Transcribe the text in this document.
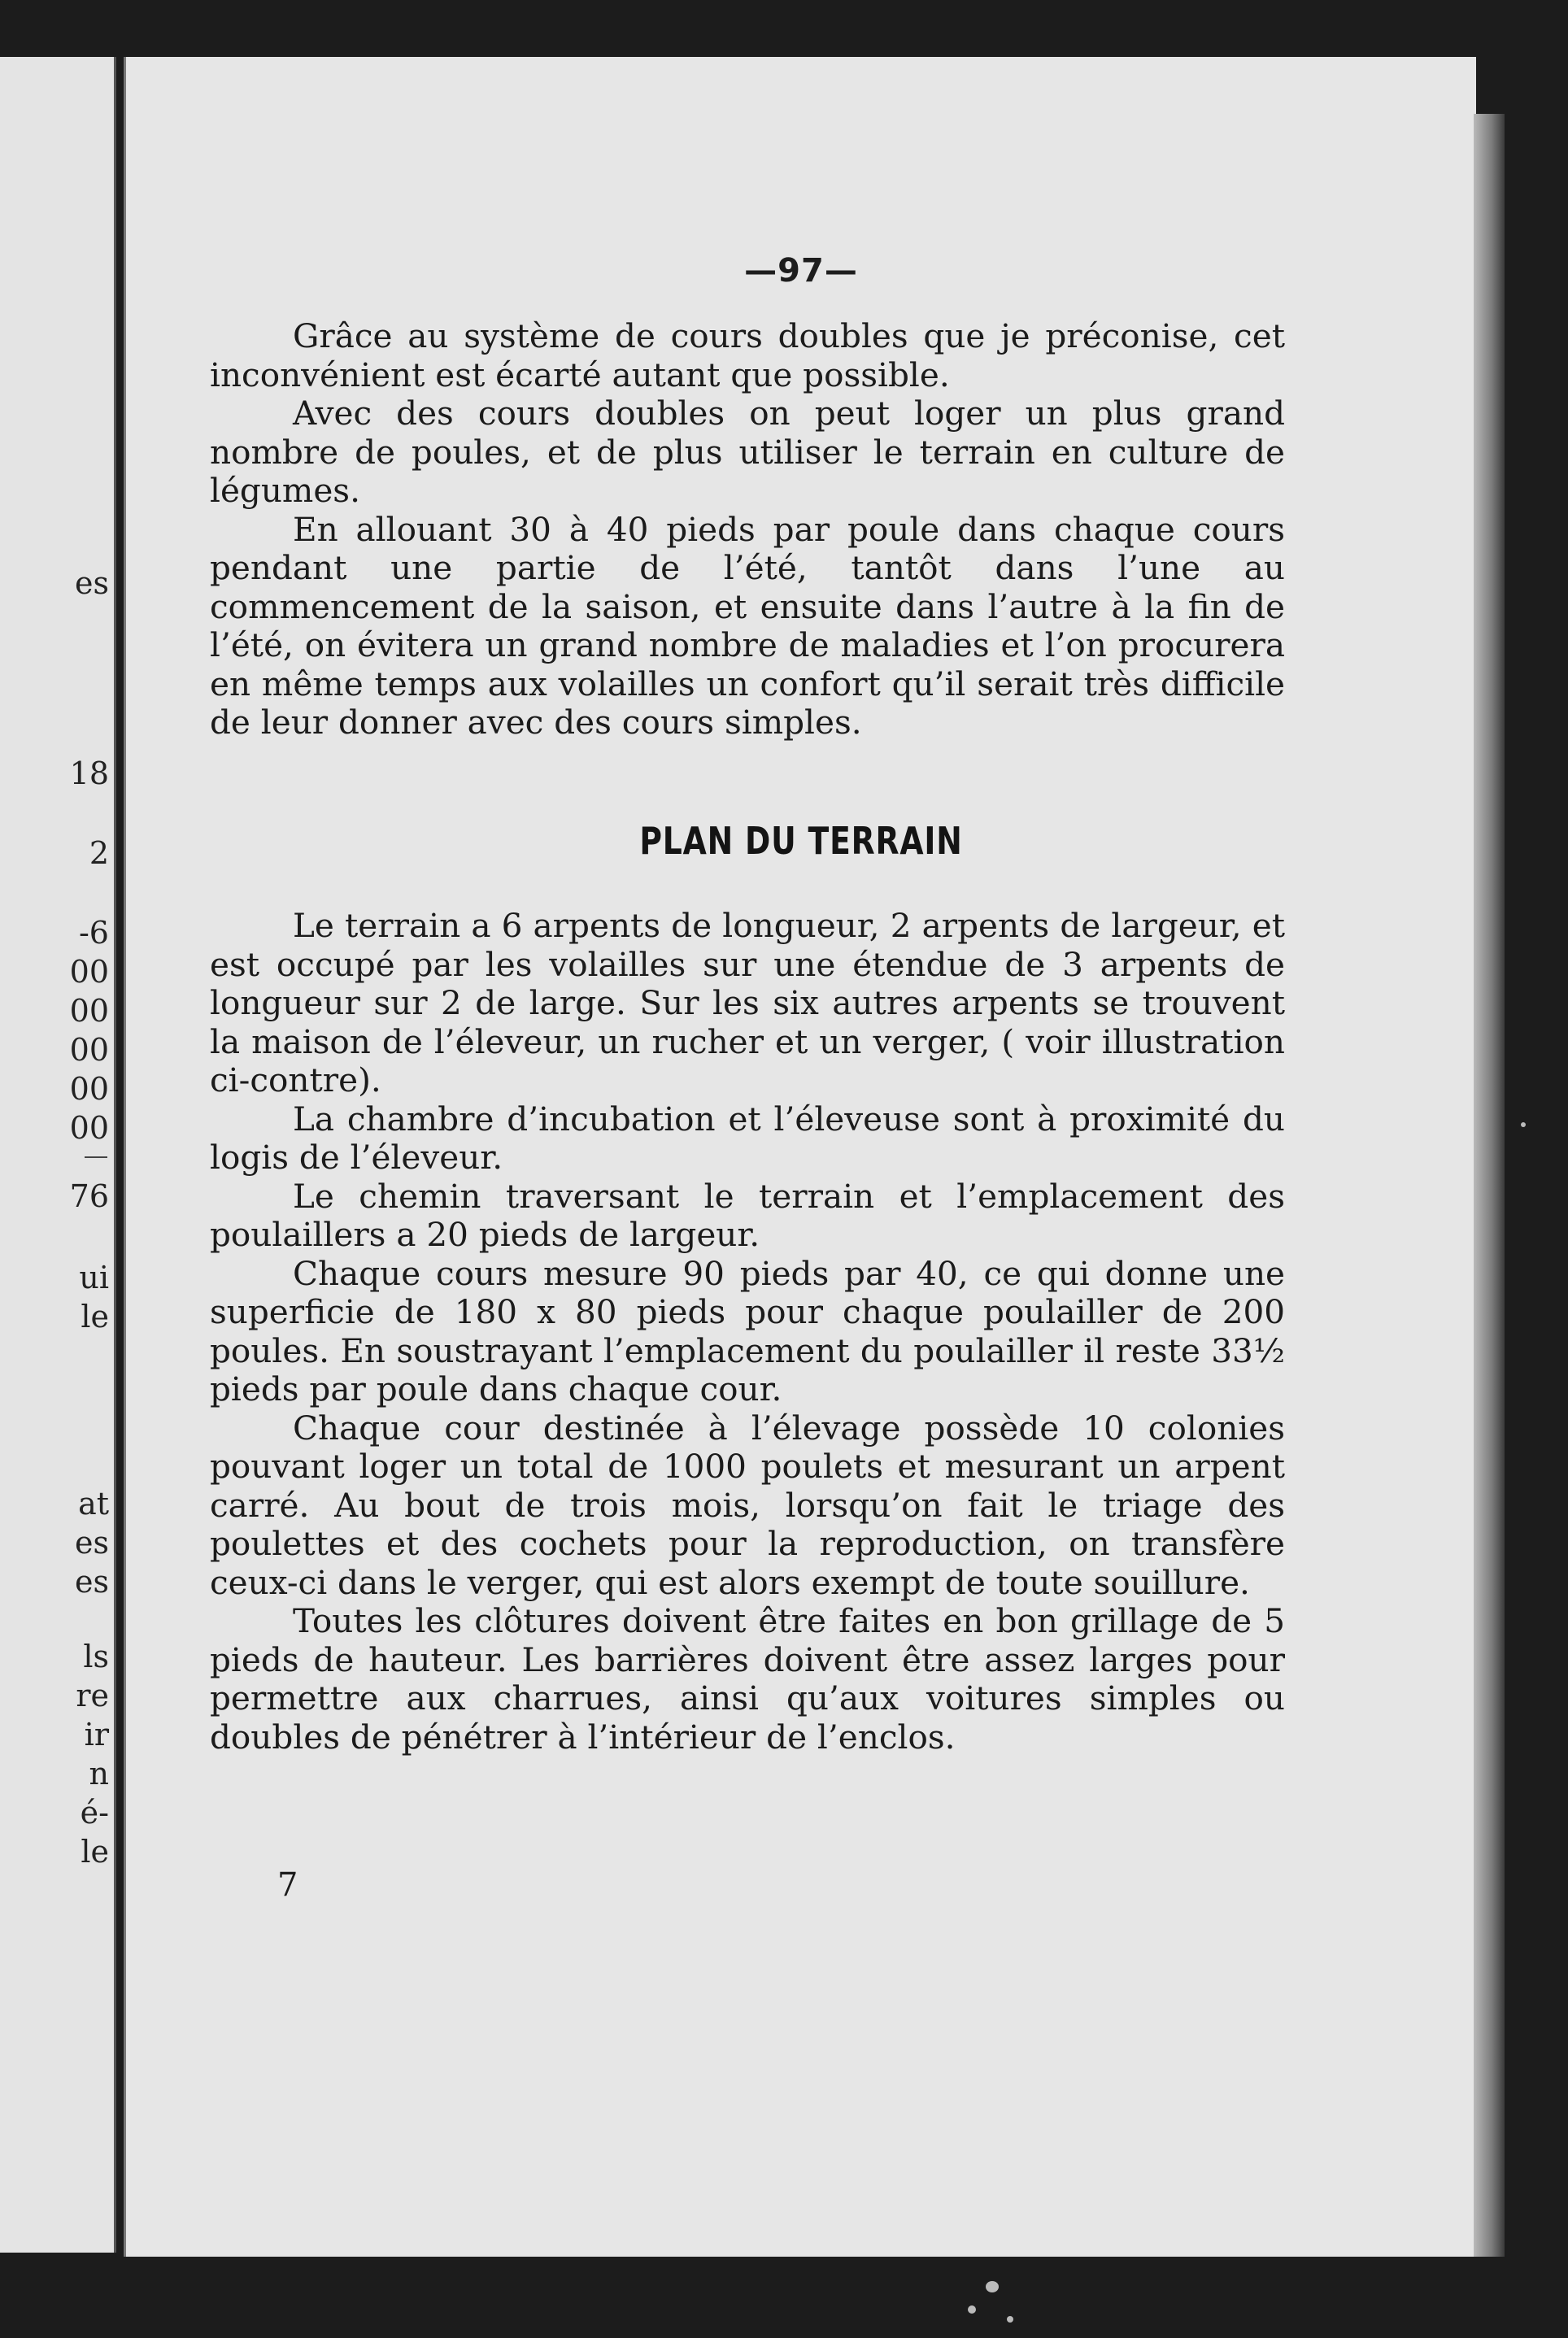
es
18
2
-6
00
00
00
00
00
76
ui
le
at
es
es
ls
re
ir
n
é-
le
—97—

Grâce au système de cours doubles que je préconise, cet inconvénient est écarté autant que possible.

Avec des cours doubles on peut loger un plus grand nombre de poules, et de plus utiliser le terrain en culture de légumes.

En allouant 30 à 40 pieds par poule dans chaque cours pendant une partie de l’été, tantôt dans l’une au commencement de la saison, et ensuite dans l’autre à la fin de l’été, on évitera un grand nombre de maladies et l’on procurera en même temps aux volailles un confort qu’il serait très difficile de leur donner avec des cours simples.

PLAN DU TERRAIN

Le terrain a 6 arpents de longueur, 2 arpents de largeur, et est occupé par les volailles sur une étendue de 3 arpents de longueur sur 2 de large. Sur les six autres arpents se trouvent la maison de l’éleveur, un rucher et un verger, ( voir illustration ci-contre).

La chambre d’incubation et l’éleveuse sont à proximité du logis de l’éleveur.

Le chemin traversant le terrain et l’emplacement des poulaillers a 20 pieds de largeur.

Chaque cours mesure 90 pieds par 40, ce qui donne une superficie de 180 x 80 pieds pour chaque poulailler de 200 poules. En soustrayant l’emplacement du poulailler il reste 33½ pieds par poule dans chaque cour.

Chaque cour destinée à l’élevage possède 10 colonies pouvant loger un total de 1000 poulets et mesurant un arpent carré. Au bout de trois mois, lorsqu’on fait le triage des poulettes et des cochets pour la reproduction, on transfère ceux-ci dans le verger, qui est alors exempt de toute souillure.

Toutes les clôtures doivent être faites en bon grillage de 5 pieds de hauteur. Les barrières doivent être assez larges pour permettre aux charrues, ainsi qu’aux voitures simples ou doubles de pénétrer à l’intérieur de l’enclos.

7
